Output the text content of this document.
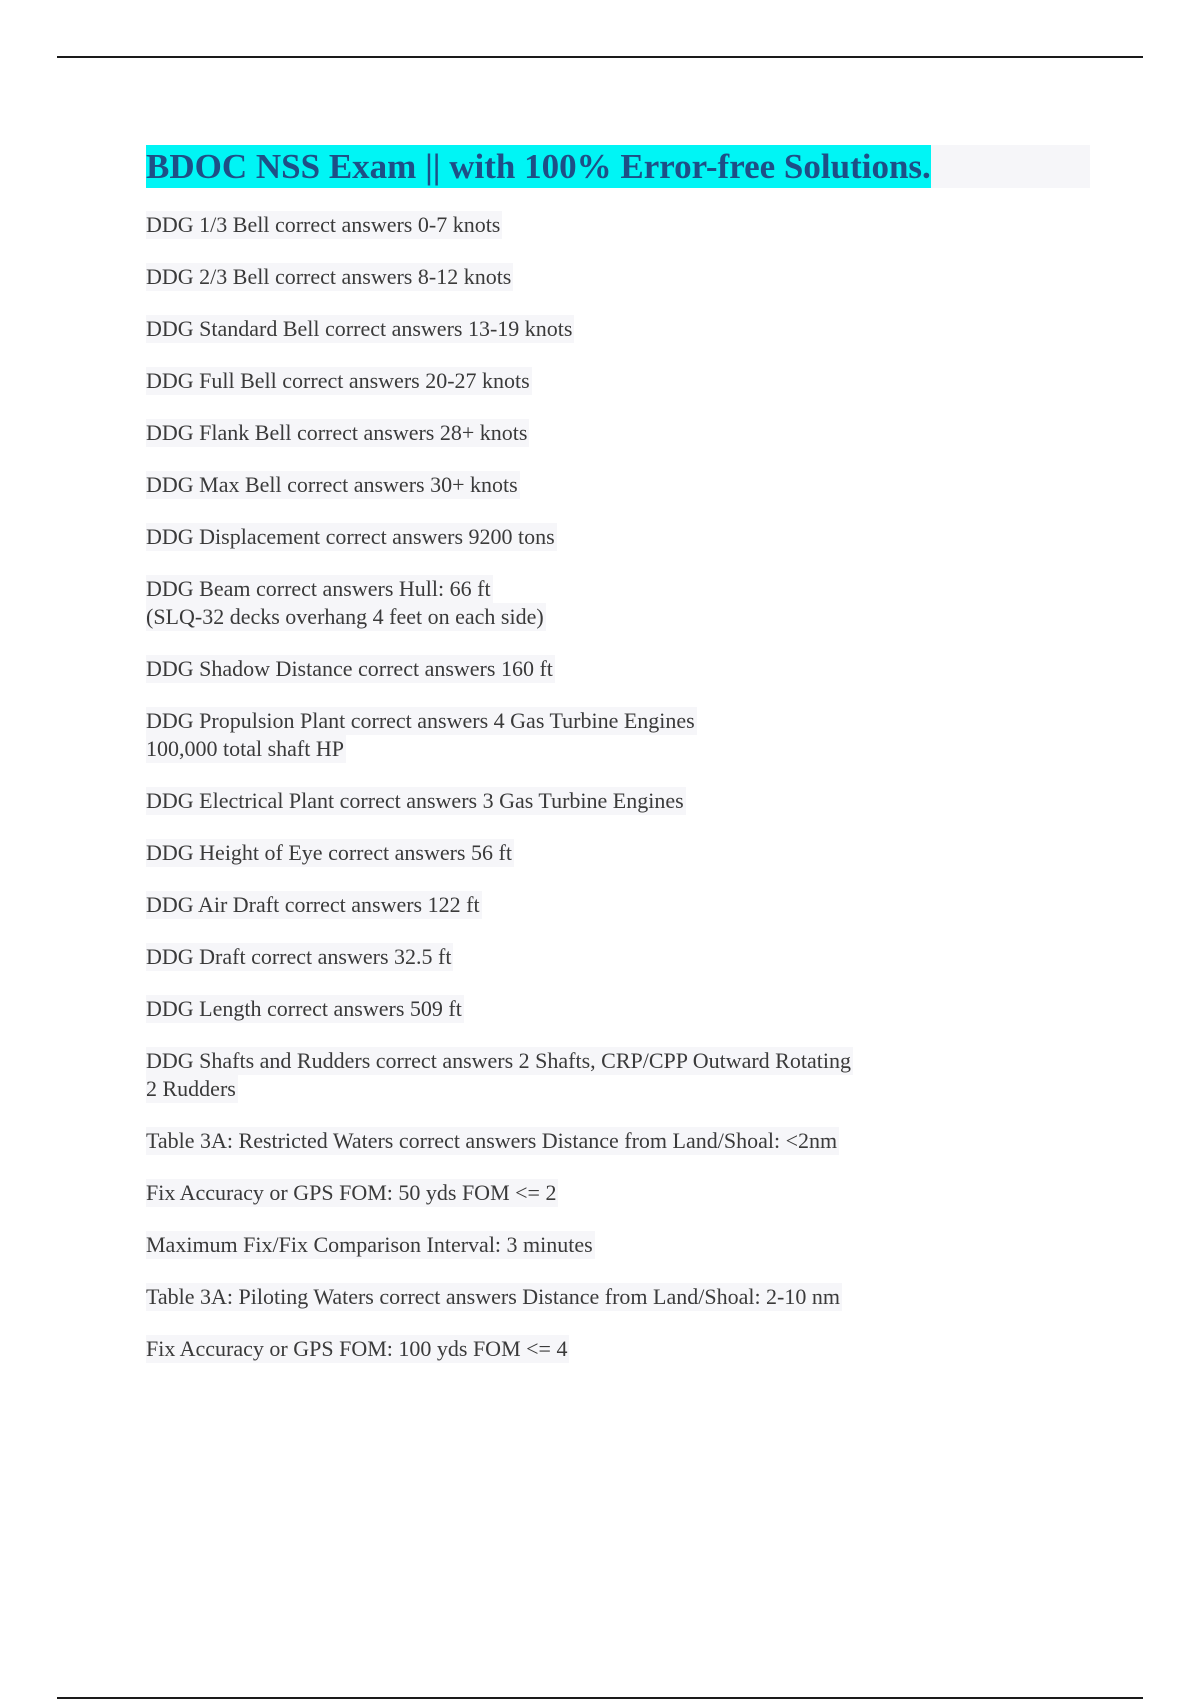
BDOC NSS Exam || with 100% Error-free Solutions.
DDG 1/3 Bell correct answers 0-7 knots
DDG 2/3 Bell correct answers 8-12 knots
DDG Standard Bell correct answers 13-19 knots
DDG Full Bell correct answers 20-27 knots
DDG Flank Bell correct answers 28+ knots
DDG Max Bell correct answers 30+ knots
DDG Displacement correct answers 9200 tons
DDG Beam correct answers Hull: 66 ft
(SLQ-32 decks overhang 4 feet on each side)
DDG Shadow Distance correct answers 160 ft
DDG Propulsion Plant correct answers 4 Gas Turbine Engines
100,000 total shaft HP
DDG Electrical Plant correct answers 3 Gas Turbine Engines
DDG Height of Eye correct answers 56 ft
DDG Air Draft correct answers 122 ft
DDG Draft correct answers 32.5 ft
DDG Length correct answers 509 ft
DDG Shafts and Rudders correct answers 2 Shafts, CRP/CPP Outward Rotating
2 Rudders
Table 3A: Restricted Waters correct answers Distance from Land/Shoal: <2nm
Fix Accuracy or GPS FOM: 50 yds FOM <= 2
Maximum Fix/Fix Comparison Interval: 3 minutes
Table 3A: Piloting Waters correct answers Distance from Land/Shoal: 2-10 nm
Fix Accuracy or GPS FOM: 100 yds FOM <= 4
